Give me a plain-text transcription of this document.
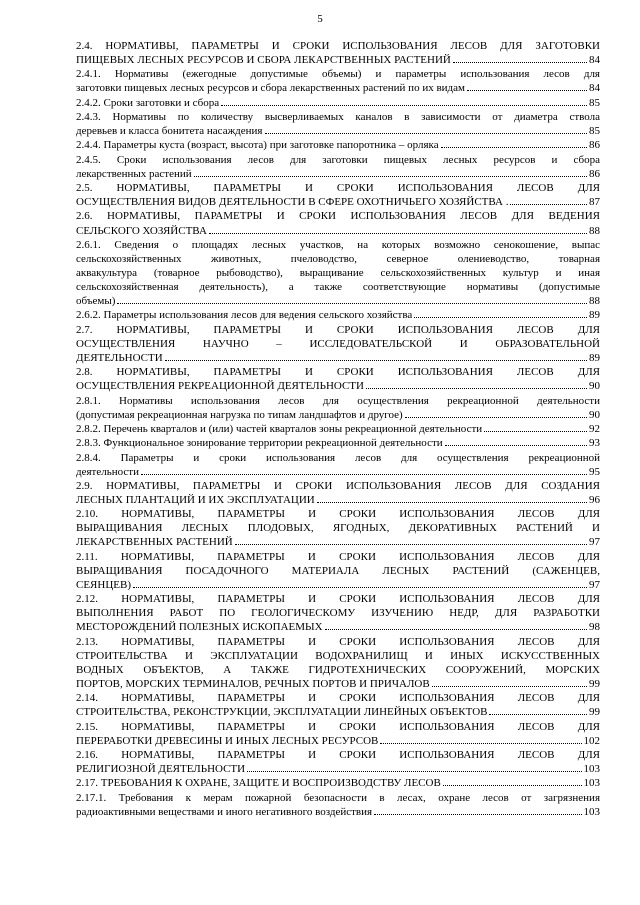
5
2.4. НОРМАТИВЫ, ПАРАМЕТРЫ И СРОКИ ИСПОЛЬЗОВАНИЯ ЛЕСОВ ДЛЯ ЗАГОТОВКИ
ПИЩЕВЫХ ЛЕСНЫХ РЕСУРСОВ И СБОРА ЛЕКАРСТВЕННЫХ РАСТЕНИЙ	84
2.4.1. Нормативы (ежегодные допустимые объемы) и параметры использования лесов для
заготовки пищевых лесных ресурсов и сбора лекарственных растений по их видам	84
2.4.2. Сроки заготовки и сбора	85
2.4.3. Нормативы по количеству высверливаемых каналов в зависимости от диаметра ствола
деревьев и класса бонитета насаждения	85
2.4.4. Параметры куста (возраст, высота) при заготовке папоротника – орляка	86
2.4.5. Сроки использования лесов для заготовки пищевых лесных ресурсов и сбора
лекарственных растений	86
2.5. НОРМАТИВЫ, ПАРАМЕТРЫ И СРОКИ ИСПОЛЬЗОВАНИЯ ЛЕСОВ ДЛЯ
ОСУЩЕСТВЛЕНИЯ ВИДОВ ДЕЯТЕЛЬНОСТИ В СФЕРЕ ОХОТНИЧЬЕГО ХОЗЯЙСТВА .	87
2.6. НОРМАТИВЫ, ПАРАМЕТРЫ И СРОКИ ИСПОЛЬЗОВАНИЯ ЛЕСОВ ДЛЯ ВЕДЕНИЯ
СЕЛЬСКОГО ХОЗЯЙСТВА	88
2.6.1. Сведения о площадях лесных участков, на которых возможно сенокошение, выпас
сельскохозяйственных животных, пчеловодство, северное олениеводство, товарная
аквакультура (товарное рыбоводство), выращивание сельскохозяйственных культур и иная
сельскохозяйственная деятельность), а также соответствующие нормативы (допустимые
объемы)	88
2.6.2. Параметры использования лесов для ведения сельского хозяйства	89
2.7. НОРМАТИВЫ, ПАРАМЕТРЫ И СРОКИ ИСПОЛЬЗОВАНИЯ ЛЕСОВ ДЛЯ
ОСУЩЕСТВЛЕНИЯ НАУЧНО – ИССЛЕДОВАТЕЛЬСКОЙ И ОБРАЗОВАТЕЛЬНОЙ
ДЕЯТЕЛЬНОСТИ	89
2.8. НОРМАТИВЫ, ПАРАМЕТРЫ И СРОКИ ИСПОЛЬЗОВАНИЯ ЛЕСОВ ДЛЯ
ОСУЩЕСТВЛЕНИЯ РЕКРЕАЦИОННОЙ ДЕЯТЕЛЬНОСТИ	90
2.8.1. Нормативы использования лесов для осуществления рекреационной деятельности
(допустимая рекреационная нагрузка по типам ландшафтов и другое)	90
2.8.2. Перечень кварталов и (или) частей кварталов зоны рекреационной деятельности	92
2.8.3. Функциональное зонирование территории рекреационной деятельности	93
2.8.4. Параметры и сроки использования лесов для осуществления рекреационной
деятельности	95
2.9. НОРМАТИВЫ, ПАРАМЕТРЫ И СРОКИ ИСПОЛЬЗОВАНИЯ ЛЕСОВ ДЛЯ СОЗДАНИЯ
ЛЕСНЫХ ПЛАНТАЦИЙ И ИХ ЭКСПЛУАТАЦИИ	96
2.10. НОРМАТИВЫ, ПАРАМЕТРЫ И СРОКИ ИСПОЛЬЗОВАНИЯ ЛЕСОВ ДЛЯ
ВЫРАЩИВАНИЯ ЛЕСНЫХ ПЛОДОВЫХ, ЯГОДНЫХ, ДЕКОРАТИВНЫХ РАСТЕНИЙ И
ЛЕКАРСТВЕННЫХ РАСТЕНИЙ	97
2.11. НОРМАТИВЫ, ПАРАМЕТРЫ И СРОКИ ИСПОЛЬЗОВАНИЯ ЛЕСОВ ДЛЯ
ВЫРАЩИВАНИЯ ПОСАДОЧНОГО МАТЕРИАЛА ЛЕСНЫХ РАСТЕНИЙ (САЖЕНЦЕВ,
СЕЯНЦЕВ)	97
2.12. НОРМАТИВЫ, ПАРАМЕТРЫ И СРОКИ ИСПОЛЬЗОВАНИЯ ЛЕСОВ ДЛЯ
ВЫПОЛНЕНИЯ РАБОТ ПО ГЕОЛОГИЧЕСКОМУ ИЗУЧЕНИЮ НЕДР, ДЛЯ РАЗРАБОТКИ
МЕСТОРОЖДЕНИЙ ПОЛЕЗНЫХ ИСКОПАЕМЫХ	98
2.13. НОРМАТИВЫ, ПАРАМЕТРЫ И СРОКИ ИСПОЛЬЗОВАНИЯ ЛЕСОВ ДЛЯ
СТРОИТЕЛЬСТВА И ЭКСПЛУАТАЦИИ ВОДОХРАНИЛИЩ И ИНЫХ ИСКУССТВЕННЫХ
ВОДНЫХ ОБЪЕКТОВ, А ТАКЖЕ ГИДРОТЕХНИЧЕСКИХ СООРУЖЕНИЙ, МОРСКИХ
ПОРТОВ, МОРСКИХ ТЕРМИНАЛОВ, РЕЧНЫХ ПОРТОВ И ПРИЧАЛОВ	99
2.14. НОРМАТИВЫ, ПАРАМЕТРЫ И СРОКИ ИСПОЛЬЗОВАНИЯ ЛЕСОВ ДЛЯ
СТРОИТЕЛЬСТВА, РЕКОНСТРУКЦИИ, ЭКСПЛУАТАЦИИ ЛИНЕЙНЫХ ОБЪЕКТОВ	99
2.15. НОРМАТИВЫ, ПАРАМЕТРЫ И СРОКИ ИСПОЛЬЗОВАНИЯ ЛЕСОВ ДЛЯ
ПЕРЕРАБОТКИ ДРЕВЕСИНЫ И ИНЫХ ЛЕСНЫХ РЕСУРСОВ	102
2.16. НОРМАТИВЫ, ПАРАМЕТРЫ И СРОКИ ИСПОЛЬЗОВАНИЯ ЛЕСОВ ДЛЯ
РЕЛИГИОЗНОЙ ДЕЯТЕЛЬНОСТИ	103
2.17. ТРЕБОВАНИЯ К ОХРАНЕ, ЗАЩИТЕ И ВОСПРОИЗВОДСТВУ ЛЕСОВ	103
2.17.1. Требования к мерам пожарной безопасности в лесах, охране лесов от загрязнения
радиоактивными веществами и иного негативного воздействия	103
